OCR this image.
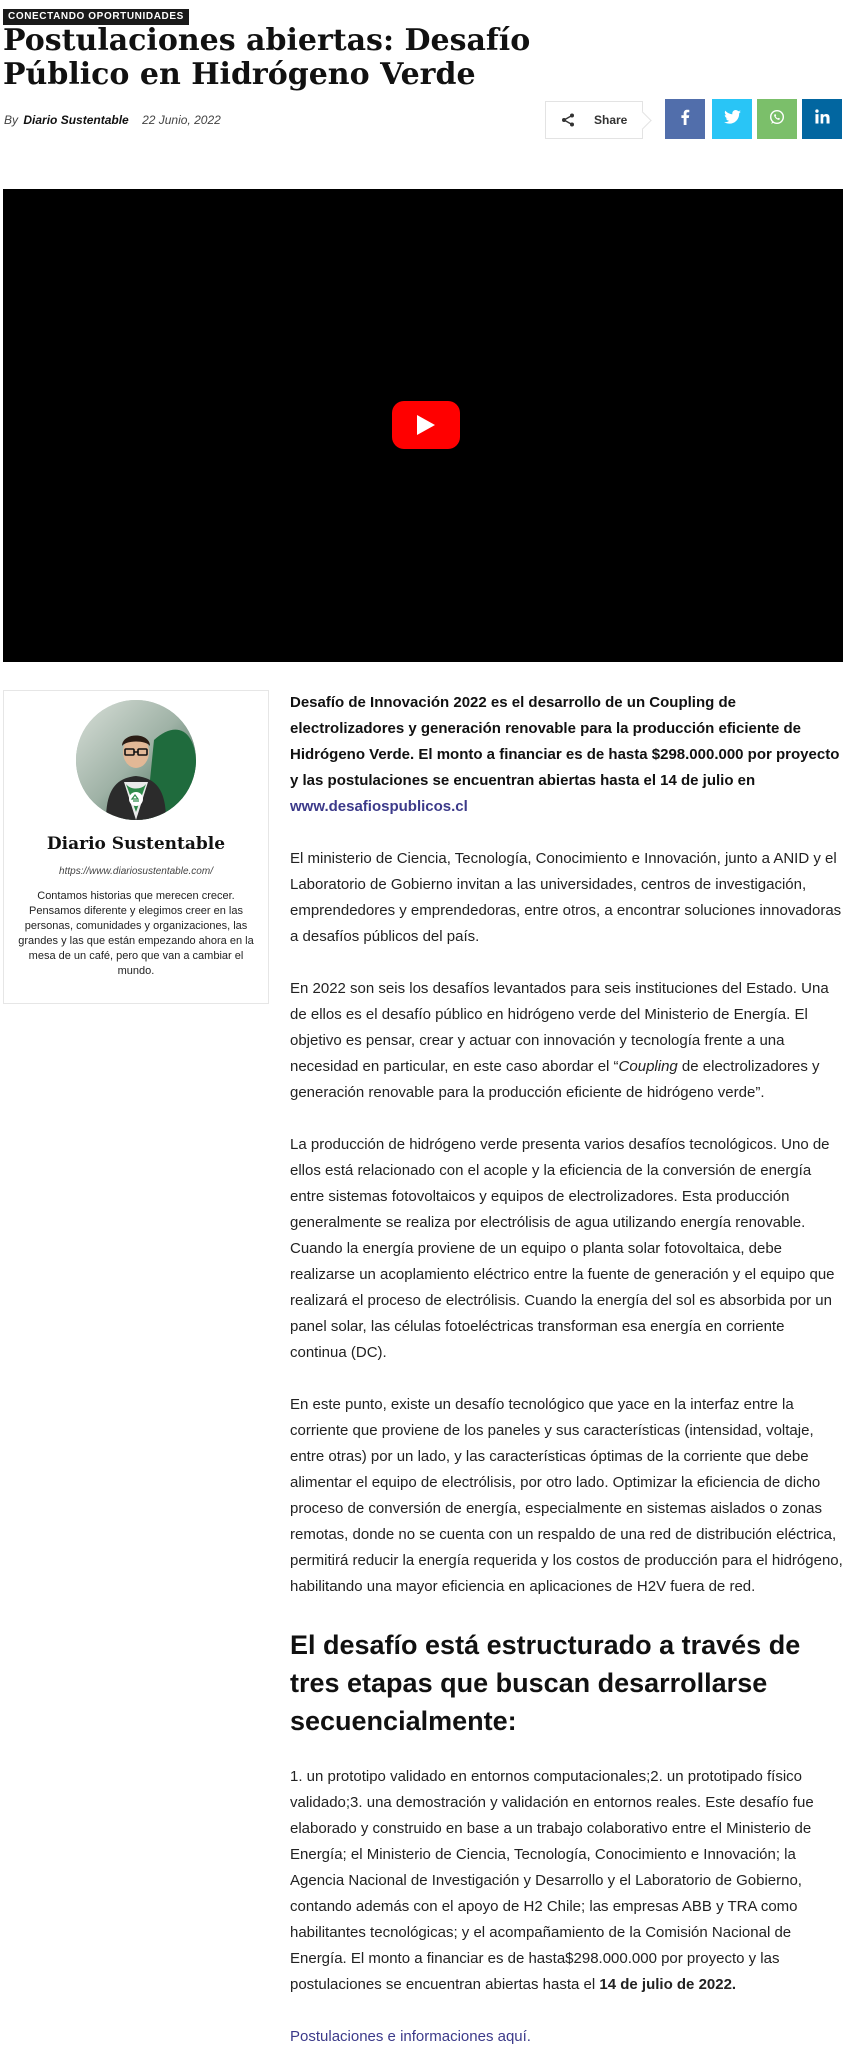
CONECTANDO OPORTUNIDADES
Postulaciones abiertas: Desafío Público en Hidrógeno Verde
By Diario Sustentable 22 Junio, 2022	Share
Diario Sustentable
https://www.diariosustentable.com/
Contamos historias que merecen crecer. Pensamos diferente y elegimos creer en las personas, comunidades y organizaciones, las grandes y las que están empezando ahora en la mesa de un café, pero que van a cambiar el mundo.

Desafío de Innovación 2022 es el desarrollo de un Coupling de electrolizadores y generación renovable para la producción eficiente de Hidrógeno Verde. El monto a financiar es de hasta $298.000.000 por proyecto y las postulaciones se encuentran abiertas hasta el 14 de julio en www.desafiospublicos.cl

El ministerio de Ciencia, Tecnología, Conocimiento e Innovación, junto a ANID y el Laboratorio de Gobierno invitan a las universidades, centros de investigación, emprendedores y emprendedoras, entre otros, a encontrar soluciones innovadoras a desafíos públicos del país.

En 2022 son seis los desafíos levantados para seis instituciones del Estado. Una de ellos es el desafío público en hidrógeno verde del Ministerio de Energía. El objetivo es pensar, crear y actuar con innovación y tecnología frente a una necesidad en particular, en este caso abordar el “Coupling de electrolizadores y generación renovable para la producción eficiente de hidrógeno verde”.

La producción de hidrógeno verde presenta varios desafíos tecnológicos. Uno de ellos está relacionado con el acople y la eficiencia de la conversión de energía entre sistemas fotovoltaicos y equipos de electrolizadores. Esta producción generalmente se realiza por electrólisis de agua utilizando energía renovable. Cuando la energía proviene de un equipo o planta solar fotovoltaica, debe realizarse un acoplamiento eléctrico entre la fuente de generación y el equipo que realizará el proceso de electrólisis. Cuando la energía del sol es absorbida por un panel solar, las células fotoeléctricas transforman esa energía en corriente continua (DC).

En este punto, existe un desafío tecnológico que yace en la interfaz entre la corriente que proviene de los paneles y sus características (intensidad, voltaje, entre otras) por un lado, y las características óptimas de la corriente que debe alimentar el equipo de electrólisis, por otro lado. Optimizar la eficiencia de dicho proceso de conversión de energía, especialmente en sistemas aislados o zonas remotas, donde no se cuenta con un respaldo de una red de distribución eléctrica, permitirá reducir la energía requerida y los costos de producción para el hidrógeno, habilitando una mayor eficiencia en aplicaciones de H2V fuera de red.

El desafío está estructurado a través de tres etapas que buscan desarrollarse secuencialmente:

1. un prototipo validado en entornos computacionales;2. un prototipado físico validado;3. una demostración y validación en entornos reales. Este desafío fue elaborado y construido en base a un trabajo colaborativo entre el Ministerio de Energía; el Ministerio de Ciencia, Tecnología, Conocimiento e Innovación; la Agencia Nacional de Investigación y Desarrollo y el Laboratorio de Gobierno, contando además con el apoyo de H2 Chile; las empresas ABB y TRA como habilitantes tecnológicas; y el acompañamiento de la Comisión Nacional de Energía. El monto a financiar es de hasta$298.000.000 por proyecto y las postulaciones se encuentran abiertas hasta el 14 de julio de 2022.

Postulaciones e informaciones aquí.
